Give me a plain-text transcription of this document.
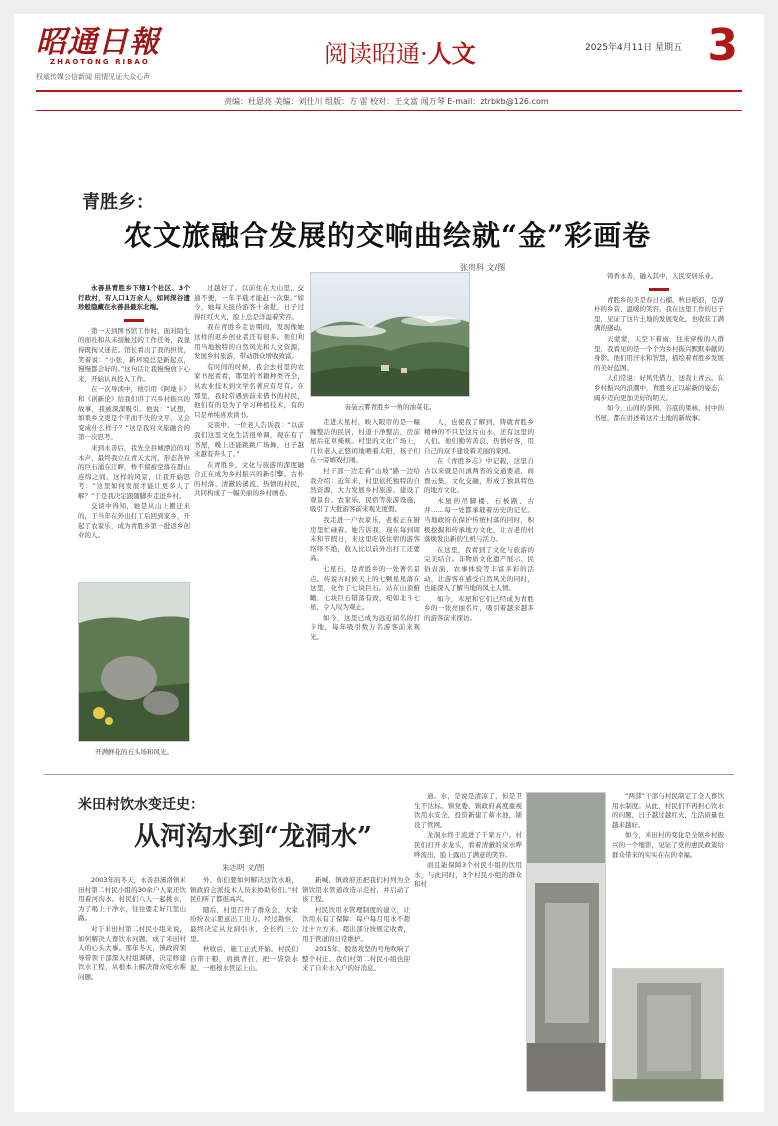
昭通日報
ZHAOTONG RIBAO
权威传媒公信新闻 用情见证大众心声
阅读昭通·人文	2025年4月11日 星期五 3
责编：杜恩亮 美编：刘仕川 组版：方 雷 校对：王文富 闻万琴 E-mail：ztrbkb@126.com
青胜乡：
农文旅融合发展的交响曲绘就“金”彩画卷
张贵科 文/图

永善县青胜乡下辖1个社区、3个行政村，有人口1万余人，如同深谷遗珍般隐藏在永善县最东北端。

第一天到图书馆工作时，面对陌生的面孔和从未接触过的工作任务，我显得既拘又迷茫。馆长看出了我的担忧，笑着说：“小张，新环境总是新起点，慢慢都会好的。”这句话让我慢慢放下心来，开始认真投入工作。

在一次导读中，他引用《阿地卡》和《创新论》给我们讲了兴乡村振兴的故事，我被深深吸引。他说：“试想，如果乡文更是个平而不失的文平，又会变成什么样子？”这是我对文旅融合的第一次思考。

来到永善后，我先全县城漂泊的对木声，最终我立在青天大河，形态各异的巨石涌在江畔，桥不留被空落在群山连绵之间。这样的风景，让我开始思考：“这里如何发展才能让更多人了解？”于是我决定跟随脚步走进乡村。

交谈中得知，她是从山上搬迁来的，于当年在外出打工后回到家乡，开起了农家乐，成为青胜乡第一批返乡创业的人。

过越好了。以前住在大山里，交通不便，一年半载才能赶一次集。”如今，她每天接待游客十余批，日子过得红红火火，脸上总是洋溢着笑容。

我在青胜乡走访期间，发现像她这样的返乡创业者还有很多。他们利用当地独特的自然风光和人文资源，发展乡村旅游，带动群众增收致富。

有时间的时候，我会去村里的农家书屋看看，那里的书籍种类齐全，从农业技术到文学名著应有尽有。在那里，我时常遇到前来借书的村民，他们有的是为了学习种植技术，有的只是单纯喜欢读书。

交谈中，一位老人告诉我：“以前我们这里文化生活很单调，现在有了书屋，晚上还能跳跳广场舞，日子越来越有奔头了。”

在青胜乡，文化与旅游的深度融合正在成为乡村振兴的新引擎。古朴的村落、清澈的溪流、热情的村民，共同构成了一幅美丽的乡村画卷。

袅袅云雾青胜乡一角的油菜花。

走进太星村，映入眼帘的是一幢幢整洁的民居，村道干净整洁，房前屋后花草掩映。村里的文化广场上，几位老人正悠闲地晒着太阳，孩子们在一旁嬉戏打闹。

村干部一边走着“山坡”路一边给我介绍：近年来，村里依托独特的自然资源，大力发展乡村旅游，建设了观景台、农家乐、民宿等旅游设施，吸引了大批游客前来观光度假。

我走进一户农家乐，老板正在厨房里忙碌着。她告诉我，现在每到周末和节假日，来这里吃饭住宿的游客络绎不绝，收入比以前外出打工还要高。

七星石，是青胜乡的一处著名景点。传说古时候天上的七颗星星落在这里，化作了七块巨石。站在山顶俯瞰，七块巨石错落有致，宛如北斗七星，令人叹为观止。

如今，这里已成为远近闻名的打卡地，每年吸引数万名游客前来观光。

人，也使我了解到，铸就青胜乡精神的不只是这片山水，还有这里的人们。他们勤劳善良、热情好客，用自己的双手建设着美丽的家园。

在《青胜乡志》中记载，这里自古以来就是川滇两省的交通要道，商贾云集，文化交融，形成了独具特色的地方文化。

木屋的吊脚楼、石板路、古井……每一处都承载着历史的记忆。当地政府在保护传统村落的同时，积极挖掘和传承地方文化，让古老的村落焕发出新的生机与活力。

在这里，我看到了文化与旅游的完美结合。非物质文化遗产展示、民俗表演、农事体验等丰富多彩的活动，让游客在感受自然风光的同时，也能深入了解当地的风土人情。

如今，木屋和它们已经成为青胜乡的一张亮丽名片，吸引着越来越多的游客前来探访。

开满鲜花的石头场和风光。

铸香永善，融入其中，人民安居乐业。

青胜乡的美是春日石榴、秋日稻浪，是淳朴的乡音、温暖的笑容。我在这里工作的日子里，见证了这片土地的发展变化，也收获了满满的感动。

天蒙蒙，天空下着雨，往来穿梭的人群里，我看见的是一个个为乡村振兴默默奉献的身影。他们用汗水和智慧，描绘着青胜乡发展的美好蓝图。

人们常说：好风凭借力，送我上青云。在乡村振兴的浪潮中，青胜乡正以崭新的姿态，阔步迈向更加美好的明天。

如今，山间的茶园、谷底的果林、村中的书屋，都在讲述着这片土地的新故事。

米田村饮水变迁史：
从河沟水到“龙洞水”
朱志明 文/图

2003年的冬天，永善县溪洛镇米田村第二村民小组的30余户人家还饮用着河沟水。村民们八人一起挑水，为了喝上干净水，往往要走好几里山路。

对于米田村第二村民小组来说，如何解决人畜饮水问题，成了米田村人的心头大事。那年冬天，镇政府领导带领干部深入村组调研，决定修建饮水工程，从根本上解决群众吃水难问题。

外，你们要如何解决这饮水难，镇政府会派技术人员来协助你们。”村民们听了都很高兴。

随后，村里召开了群众会，大家纷纷表示愿意出工出力。经过勘察，最终决定从龙洞引水，全长约三公里。

秋收后，施工正式开始。村民们自带干粮，肩挑背扛，把一袋袋水泥、一根根水管运上山。

新喊，镇政府还把我们村列为全镇饮用水管道改造示范村，并启动了该工程。

村民饮用水管理制度的建立，让饮用水有了保障：每户每月用水不超过十立方米，超出部分按规定收费，用于管道的日常维护。

2015年，脱贫攻坚的号角吹响了整个村庄，我们村第二村民小组也迎来了自来水入户的好消息。

通。水，是说是清凉了，但是卫生不达标。镇党委、镇政府高度重视饮用水安全，投资新建了蓄水池，铺设了管网。

龙洞水终于流进了千家万户。村民们打开水龙头，看着清澈的泉水哗哗流出，脸上露出了满意的笑容。

而且能保障3个村民小组的饮用水，与此同时，3个村民小组的群众和村

“两部”干部与村民制定了全人畜饮用水制度。从此，村民们不再担心饮水的问题，日子越过越红火，生活质量也越来越好。

如今，米田村的变化是全镇乡村振兴的一个缩影，见证了党的惠民政策给群众带来的实实在在的幸福。
